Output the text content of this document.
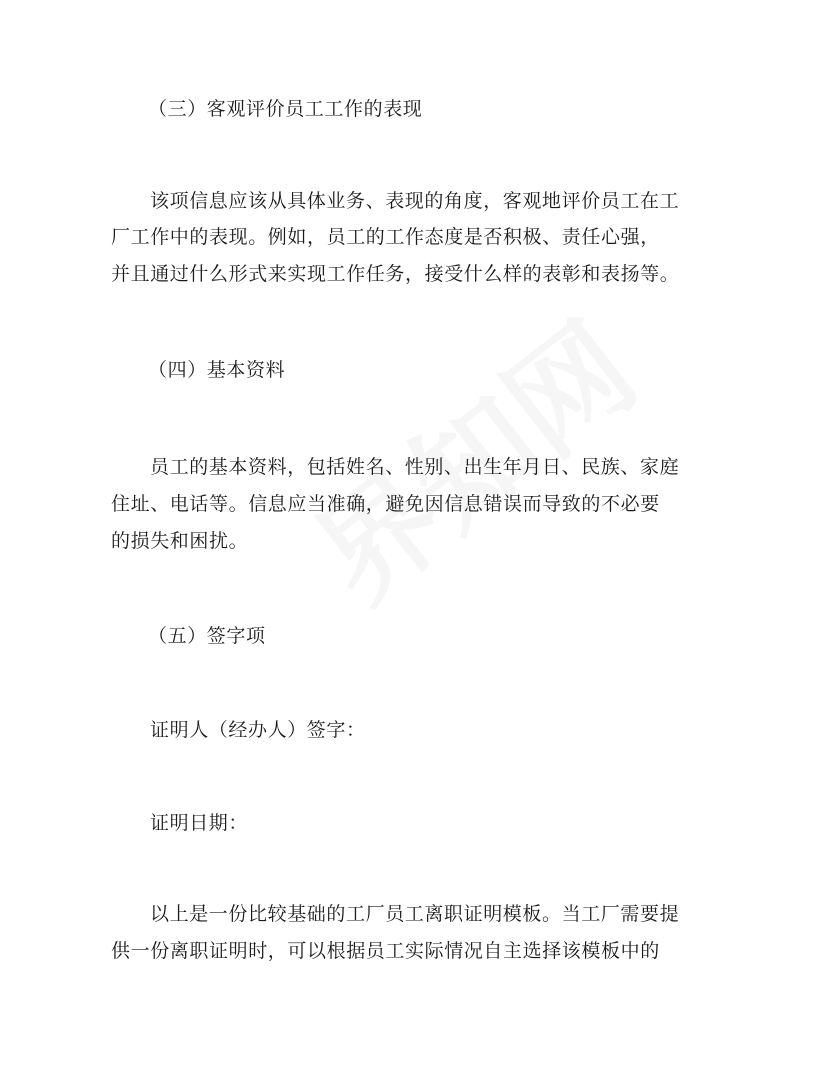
（三）客观评价员工工作的表现
该项信息应该从具体业务、表现的角度，客观地评价员工在工
厂工作中的表现。例如，员工的工作态度是否积极、责任心强，
并且通过什么形式来实现工作任务，接受什么样的表彰和表扬等。
（四）基本资料
员工的基本资料，包括姓名、性别、出生年月日、民族、家庭
住址、电话等。信息应当准确，避免因信息错误而导致的不必要
的损失和困扰。
（五）签字项
证明人（经办人）签字：
证明日期：
以上是一份比较基础的工厂员工离职证明模板。当工厂需要提
供一份离职证明时，可以根据员工实际情况自主选择该模板中的
